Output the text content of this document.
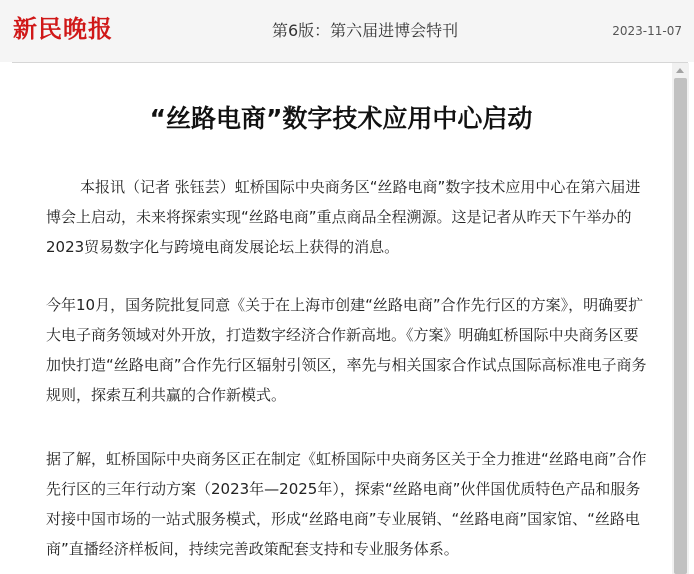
新民晚报	第6版：第六届进博会特刊	2023-11-07
“丝路电商”数字技术应用中心启动

本报讯（记者 张钰芸）虹桥国际中央商务区“丝路电商”数字技术应用中心在第六届进博会上启动，未来将探索实现“丝路电商”重点商品全程溯源。这是记者从昨天下午举办的2023贸易数字化与跨境电商发展论坛上获得的消息。

今年10月，国务院批复同意《关于在上海市创建“丝路电商”合作先行区的方案》，明确要扩大电子商务领域对外开放，打造数字经济合作新高地。《方案》明确虹桥国际中央商务区要加快打造“丝路电商”合作先行区辐射引领区，率先与相关国家合作试点国际高标准电子商务规则，探索互利共赢的合作新模式。

据了解，虹桥国际中央商务区正在制定《虹桥国际中央商务区关于全力推进“丝路电商”合作先行区的三年行动方案（2023年—2025年），探索“丝路电商”伙伴国优质特色产品和服务对接中国市场的一站式服务模式，形成“丝路电商”专业展销、“丝路电商”国家馆、“丝路电商”直播经济样板间，持续完善政策配套支持和专业服务体系。
